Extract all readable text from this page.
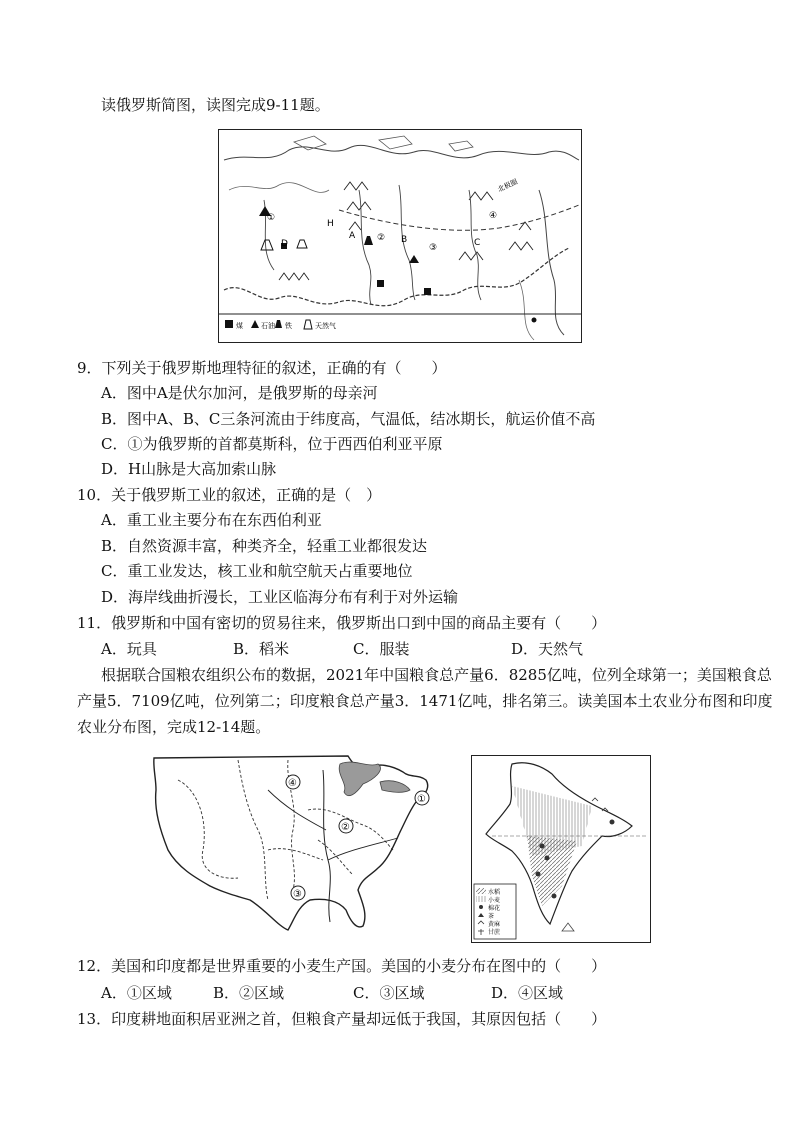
读俄罗斯简图，读图完成9-11题。
①
A ② B
③	C
④
D
H
北极圈
煤	石油 铁	天然气
9．下列关于俄罗斯地理特征的叙述，正确的有（　　）
A．图中A是伏尔加河，是俄罗斯的母亲河
B．图中A、B、C三条河流由于纬度高，气温低，结冰期长，航运价值不高
C．①为俄罗斯的首都莫斯科，位于西西伯利亚平原
D．H山脉是大高加索山脉
10．关于俄罗斯工业的叙述，正确的是（　）
A．重工业主要分布在东西伯利亚
B．自然资源丰富，种类齐全，轻重工业都很发达
C．重工业发达，核工业和航空航天占重要地位
D．海岸线曲折漫长，工业区临海分布有利于对外运输
11．俄罗斯和中国有密切的贸易往来，俄罗斯出口到中国的商品主要有（　　）
A．玩具	B．稻米	C．服装	D．天然气
根据联合国粮农组织公布的数据，2021年中国粮食总产量6．8285亿吨，位列全球第一；美国粮食总
产量5．7109亿吨，位列第二；印度粮食总产量3．1471亿吨，排名第三。读美国本土农业分布图和印度
农业分布图，完成12-14题。
④
①
②
③	水稻
小麦
棉花
茶
黄麻
甘蔗
12．美国和印度都是世界重要的小麦生产国。美国的小麦分布在图中的（　　）
A．①区域	B．②区域	C．③区域	D．④区域
13．印度耕地面积居亚洲之首，但粮食产量却远低于我国，其原因包括（　　）
